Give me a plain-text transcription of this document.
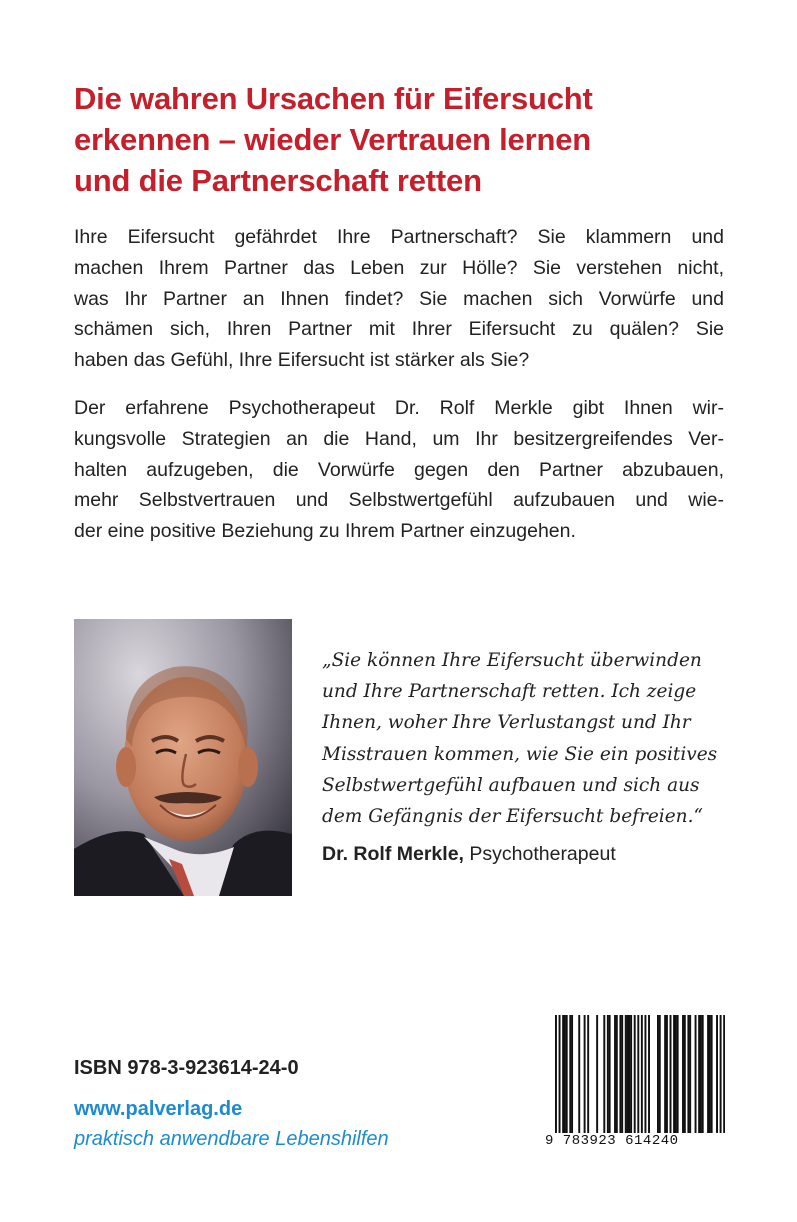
Die wahren Ursachen für Eifersucht
erkennen – wieder Vertrauen lernen
und die Partnerschaft retten

Ihre Eifersucht gefährdet Ihre Partnerschaft? Sie klammern und
machen Ihrem Partner das Leben zur Hölle? Sie verstehen nicht,
was Ihr Partner an Ihnen findet? Sie machen sich Vorwürfe und
schämen sich, Ihren Partner mit Ihrer Eifersucht zu quälen? Sie
haben das Gefühl, Ihre Eifersucht ist stärker als Sie?

Der erfahrene Psychotherapeut Dr. Rolf Merkle gibt Ihnen wir-
kungsvolle Strategien an die Hand, um Ihr besitzergreifendes Ver-
halten aufzugeben, die Vorwürfe gegen den Partner abzubauen,
mehr Selbstvertrauen und Selbstwertgefühl aufzubauen und wie-
der eine positive Beziehung zu Ihrem Partner einzugehen.

„Sie können Ihre Eifersucht überwinden
und Ihre Partnerschaft retten. Ich zeige
Ihnen, woher Ihre Verlustangst und Ihr
Misstrauen kommen, wie Sie ein positives
Selbstwertgefühl aufbauen und sich aus
dem Gefängnis der Eifersucht befreien.“

Dr. Rolf Merkle, Psychotherapeut
ISBN 978-3-923614-24-0
www.palverlag.de
praktisch anwendbare Lebenshilfen	9 783923 614240
